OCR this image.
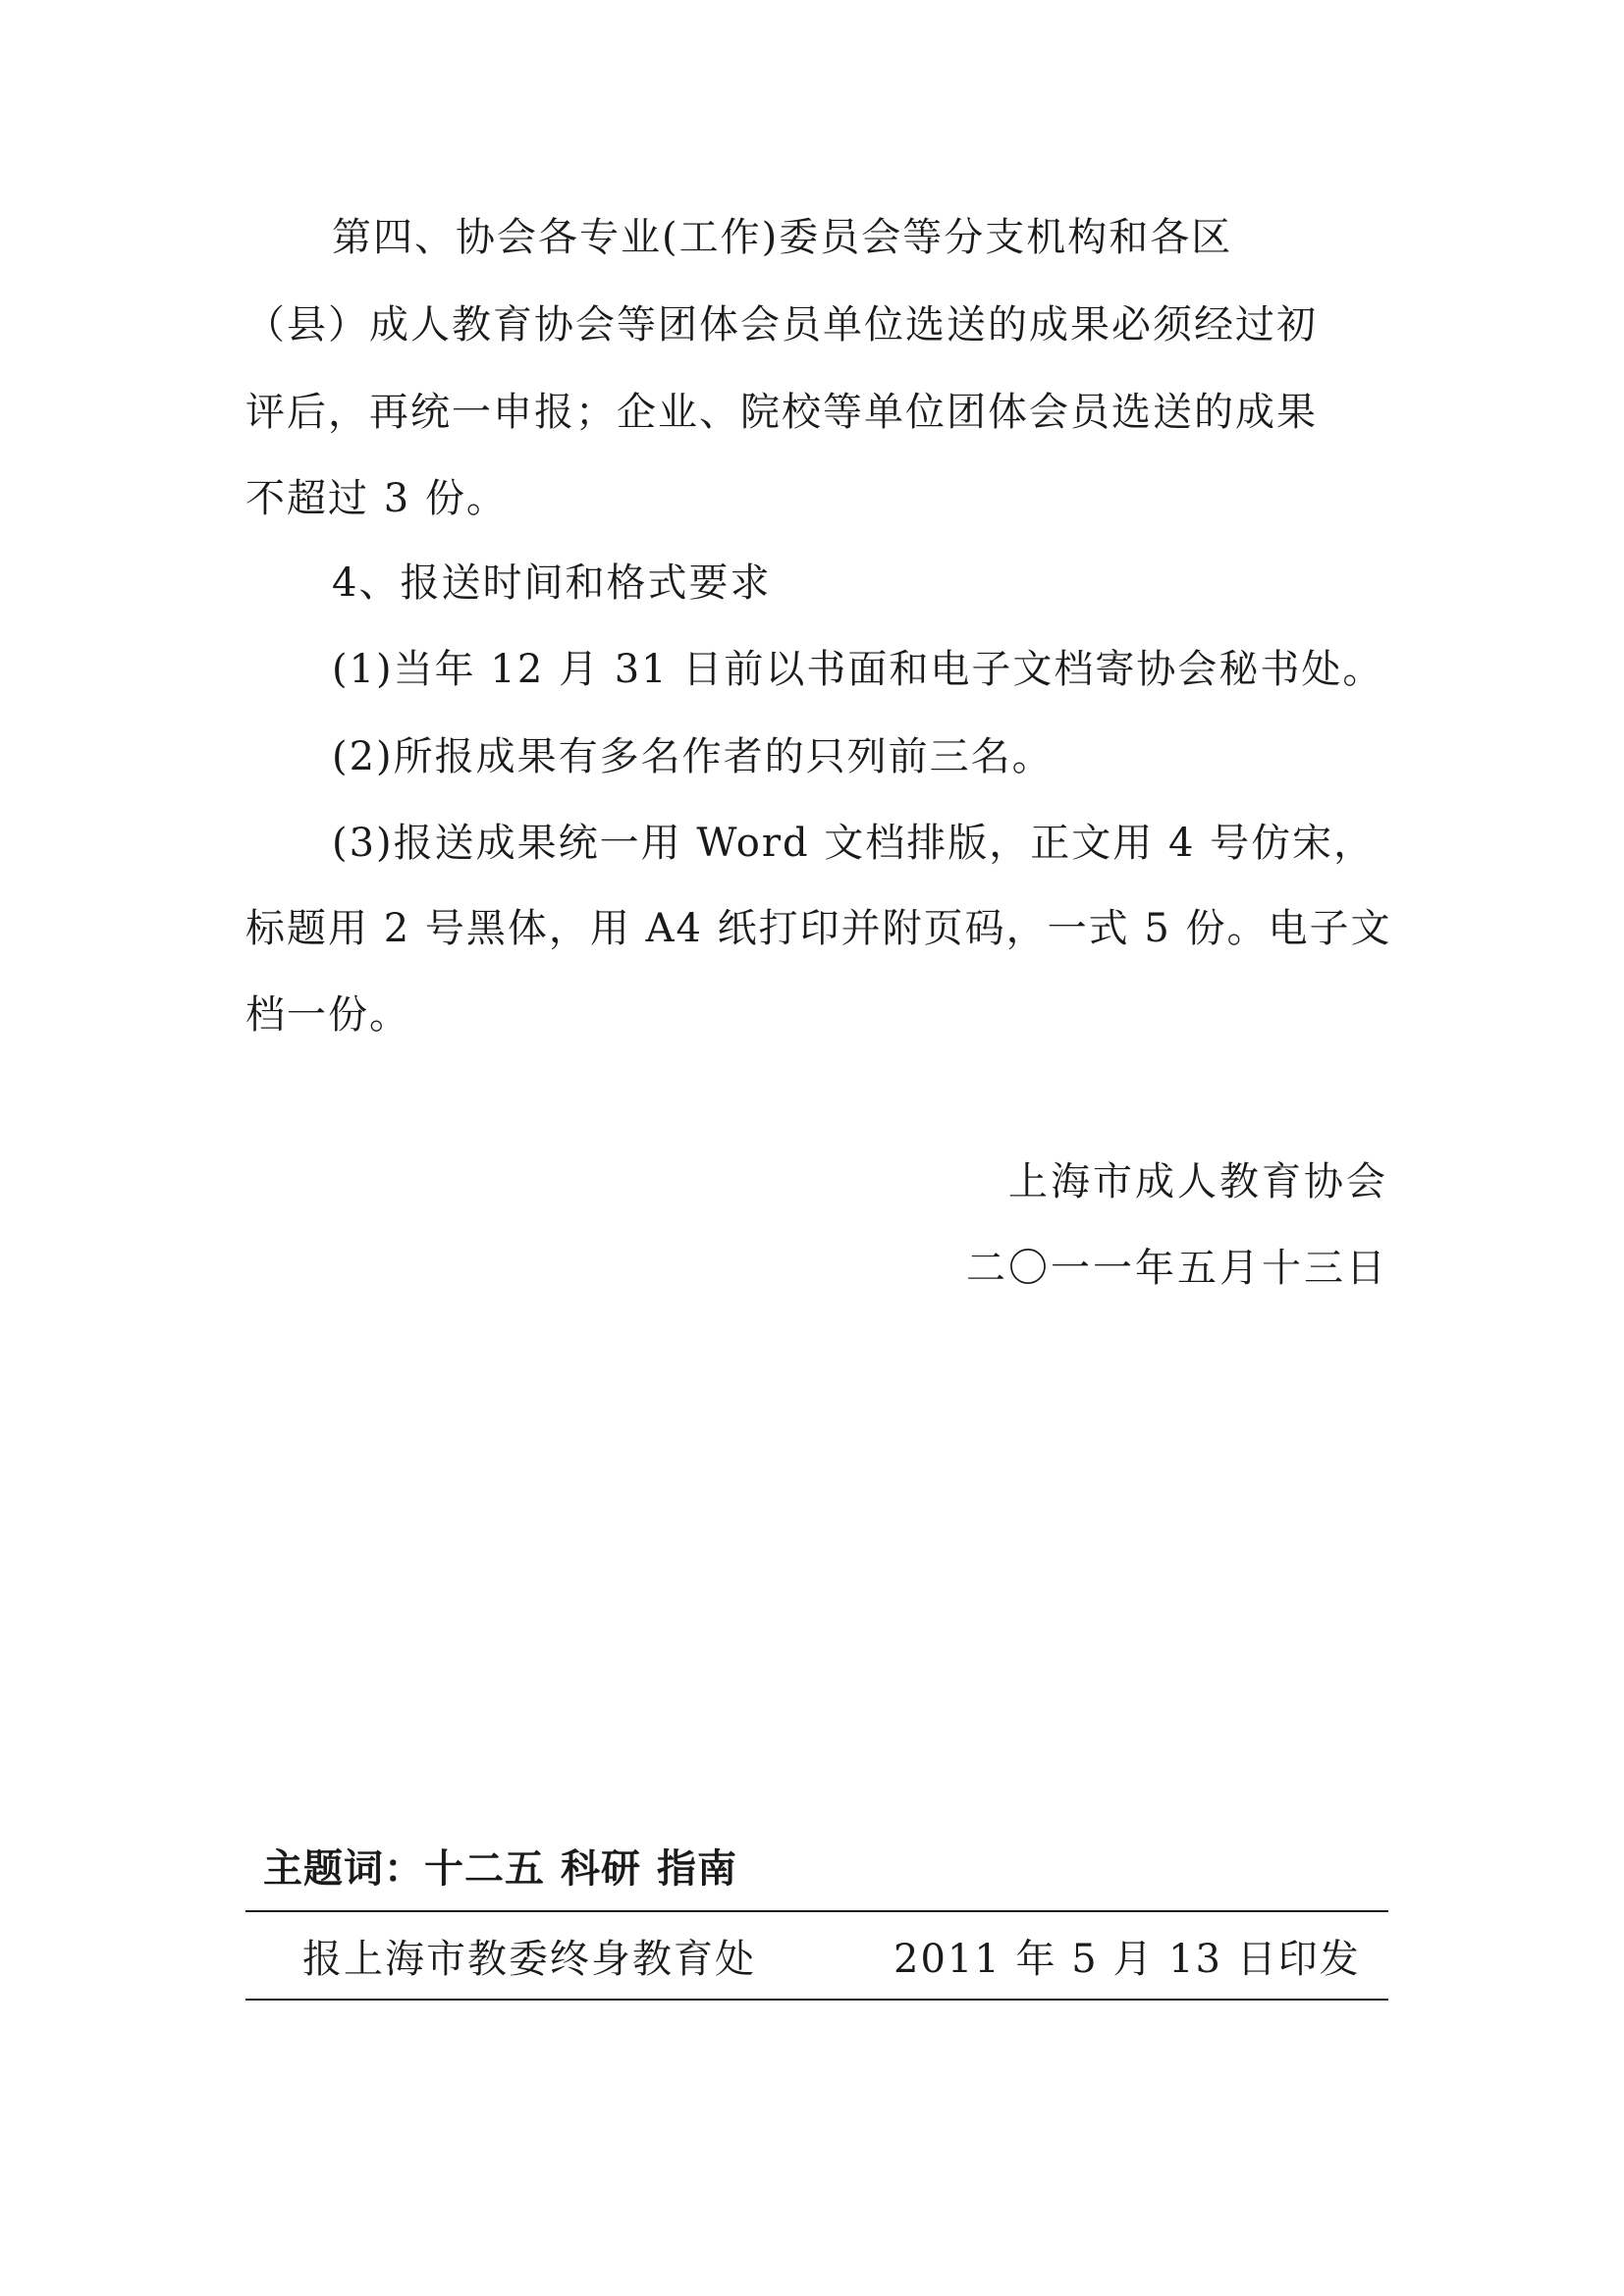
第四、协会各专业(工作)委员会等分支机构和各区
（县）成人教育协会等团体会员单位选送的成果必须经过初
评后，再统一申报；企业、院校等单位团体会员选送的成果
不超过 3 份。
4、报送时间和格式要求
(1)当年 12 月 31 日前以书面和电子文档寄协会秘书处。
(2)所报成果有多名作者的只列前三名。
(3)报送成果统一用 Word 文档排版，正文用 4 号仿宋，
标题用 2 号黑体，用 A4 纸打印并附页码，一式 5 份。电子文
档一份。
上海市成人教育协会
二〇一一年五月十三日
主题词：十二五 科研 指南
报上海市教委终身教育处	2011 年 5 月 13 日印发
